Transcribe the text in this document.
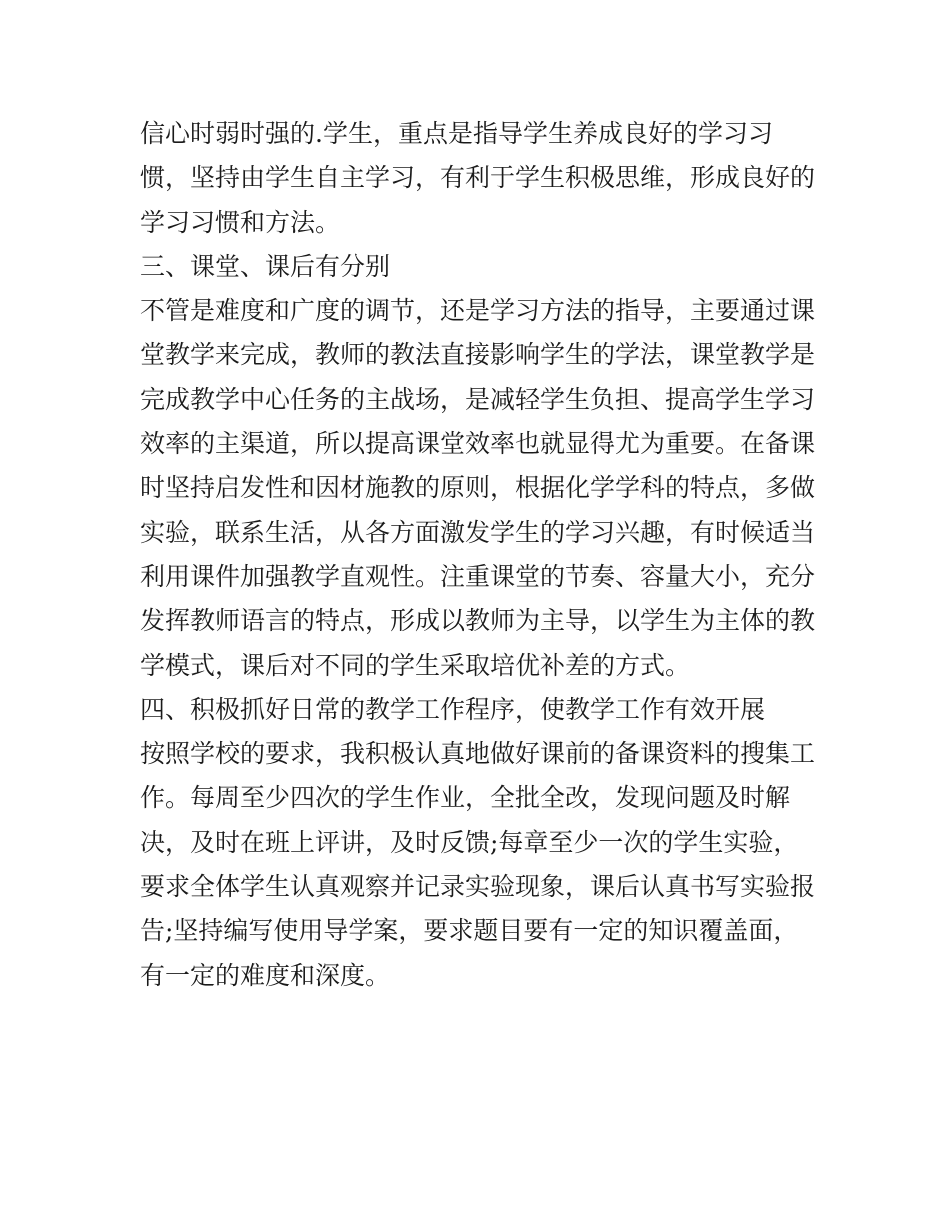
信心时弱时强的.学生，重点是指导学生养成良好的学习习
惯，坚持由学生自主学习，有利于学生积极思维，形成良好的
学习习惯和方法。
三、课堂、课后有分别
不管是难度和广度的调节，还是学习方法的指导，主要通过课
堂教学来完成，教师的教法直接影响学生的学法，课堂教学是
完成教学中心任务的主战场，是减轻学生负担、提高学生学习
效率的主渠道，所以提高课堂效率也就显得尤为重要。在备课
时坚持启发性和因材施教的原则，根据化学学科的特点，多做
实验，联系生活，从各方面激发学生的学习兴趣，有时候适当
利用课件加强教学直观性。注重课堂的节奏、容量大小，充分
发挥教师语言的特点，形成以教师为主导，以学生为主体的教
学模式，课后对不同的学生采取培优补差的方式。
四、积极抓好日常的教学工作程序，使教学工作有效开展
按照学校的要求，我积极认真地做好课前的备课资料的搜集工
作。每周至少四次的学生作业，全批全改，发现问题及时解
决，及时在班上评讲，及时反馈;每章至少一次的学生实验，
要求全体学生认真观察并记录实验现象，课后认真书写实验报
告;坚持编写使用导学案，要求题目要有一定的知识覆盖面，
有一定的难度和深度。
